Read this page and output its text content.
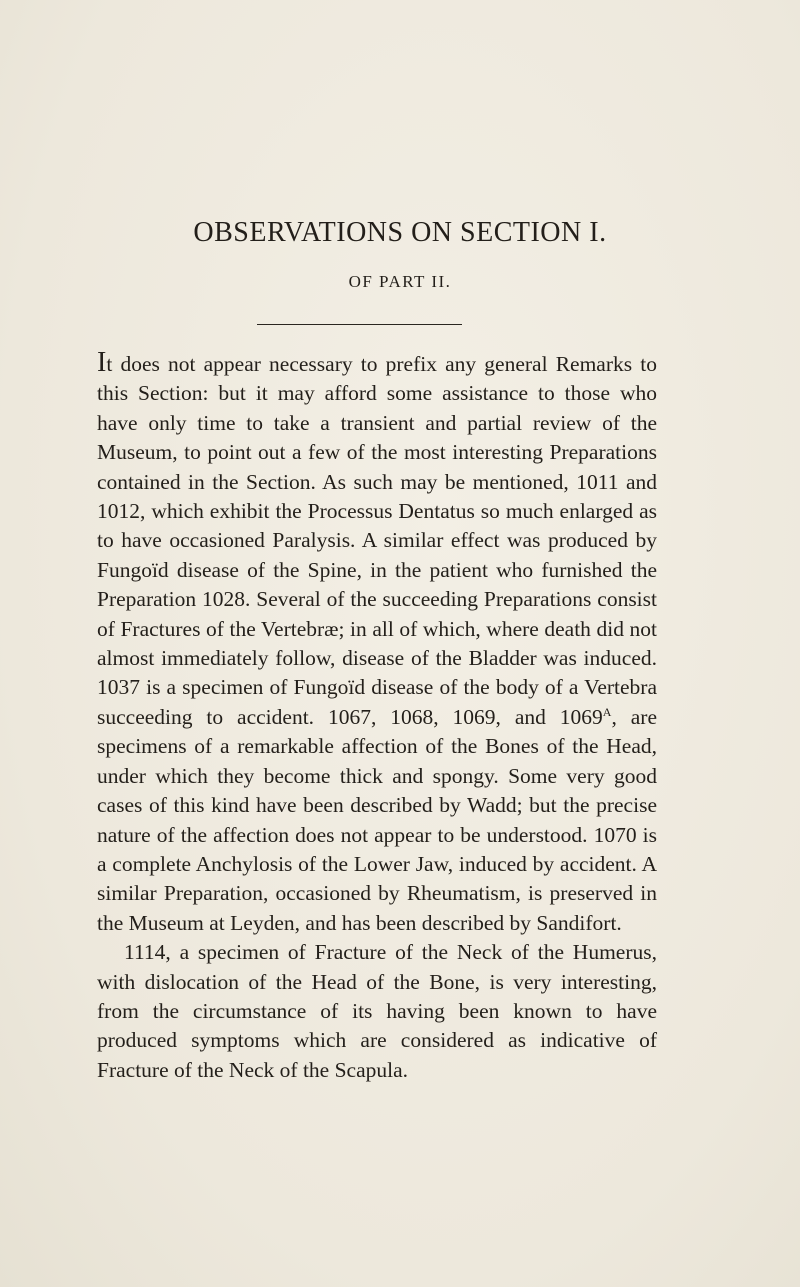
OBSERVATIONS ON SECTION I.
OF PART II.

It does not appear necessary to prefix any general Remarks to this Section: but it may afford some assistance to those who have only time to take a transient and partial review of the Museum, to point out a few of the most interesting Preparations contained in the Section. As such may be mentioned, 1011 and 1012, which exhibit the Processus Dentatus so much enlarged as to have occasioned Paralysis. A similar effect was produced by Fungoïd disease of the Spine, in the patient who furnished the Preparation 1028. Several of the succeeding Preparations consist of Fractures of the Vertebræ; in all of which, where death did not almost immediately follow, disease of the Bladder was induced. 1037 is a specimen of Fungoïd disease of the body of a Vertebra succeeding to accident. 1067, 1068, 1069, and $1069^A$, are specimens of a remarkable affection of the Bones of the Head, under which they become thick and spongy. Some very good cases of this kind have been described by Wadd; but the precise nature of the affection does not appear to be understood. 1070 is a complete Anchylosis of the Lower Jaw, induced by accident. A similar Preparation, occasioned by Rheumatism, is preserved in the Museum at Leyden, and has been described by Sandifort.

1114, a specimen of Fracture of the Neck of the Humerus, with dislocation of the Head of the Bone, is very interesting, from the circumstance of its having been known to have produced symptoms which are considered as indicative of Fracture of the Neck of the Scapula.
